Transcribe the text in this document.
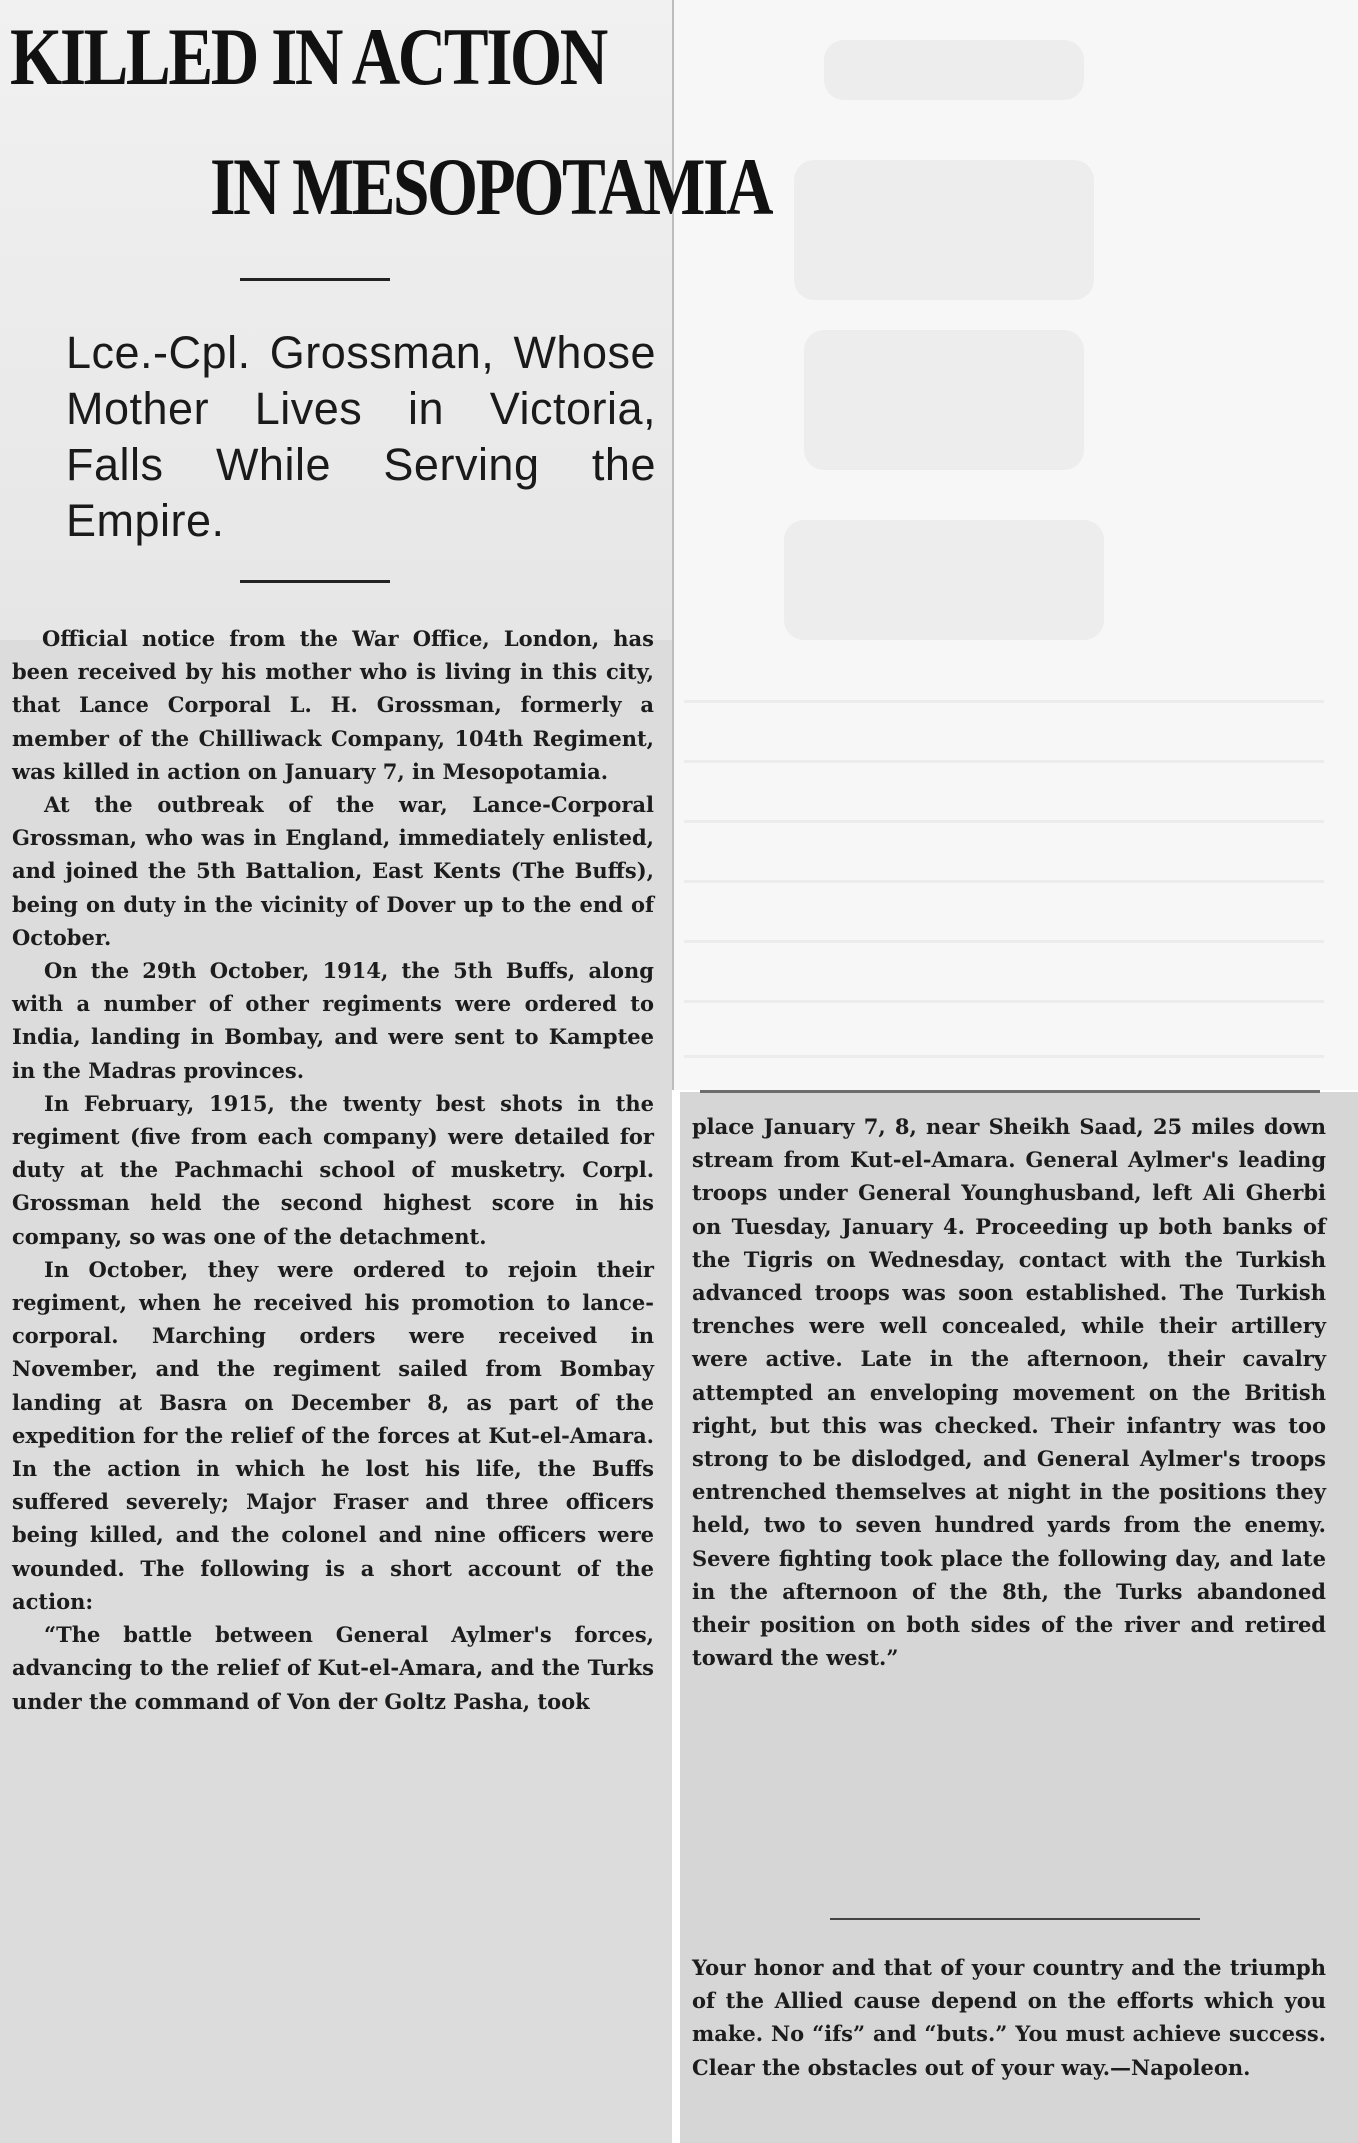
KILLED IN ACTION
IN MESOPOTAMIA
Lce.-Cpl. Grossman, Whose Mother Lives in Victoria, Falls While Serving the Empire.

Official notice from the War Office, London, has been received by his mother who is living in this city, that Lance Corporal L. H. Grossman, formerly a member of the Chilliwack Company, 104th Regiment, was killed in action on January 7, in Mesopotamia.

At the outbreak of the war, Lance-Corporal Grossman, who was in England, immediately enlisted, and joined the 5th Battalion, East Kents (The Buffs), being on duty in the vicinity of Dover up to the end of October.

On the 29th October, 1914, the 5th Buffs, along with a number of other regiments were ordered to India, landing in Bombay, and were sent to Kamptee in the Madras provinces.

In February, 1915, the twenty best shots in the regiment (five from each company) were detailed for duty at the Pachmachi school of musketry. Corpl. Grossman held the second highest score in his company, so was one of the detachment.

In October, they were ordered to rejoin their regiment, when he received his promotion to lance-corporal. Marching orders were received in November, and the regiment sailed from Bombay landing at Basra on December 8, as part of the expedition for the relief of the forces at Kut-el-Amara. In the action in which he lost his life, the Buffs suffered severely; Major Fraser and three officers being killed, and the colonel and nine officers were wounded. The following is a short account of the action:

“The battle between General Aylmer's forces, advancing to the relief of Kut-el-Amara, and the Turks under the command of Von der Goltz Pasha, took

place January 7, 8, near Sheikh Saad, 25 miles down stream from Kut-el-Amara. General Aylmer's leading troops under General Younghusband, left Ali Gherbi on Tuesday, January 4. Proceeding up both banks of the Tigris on Wednesday, contact with the Turkish advanced troops was soon established. The Turkish trenches were well concealed, while their artillery were active. Late in the afternoon, their cavalry attempted an enveloping movement on the British right, but this was checked. Their infantry was too strong to be dislodged, and General Aylmer's troops entrenched themselves at night in the positions they held, two to seven hundred yards from the enemy. Severe fighting took place the following day, and late in the afternoon of the 8th, the Turks abandoned their position on both sides of the river and retired toward the west.”

Your honor and that of your country and the triumph of the Allied cause depend on the efforts which you make. No “ifs” and “buts.” You must achieve success. Clear the obstacles out of your way.—Napoleon.
